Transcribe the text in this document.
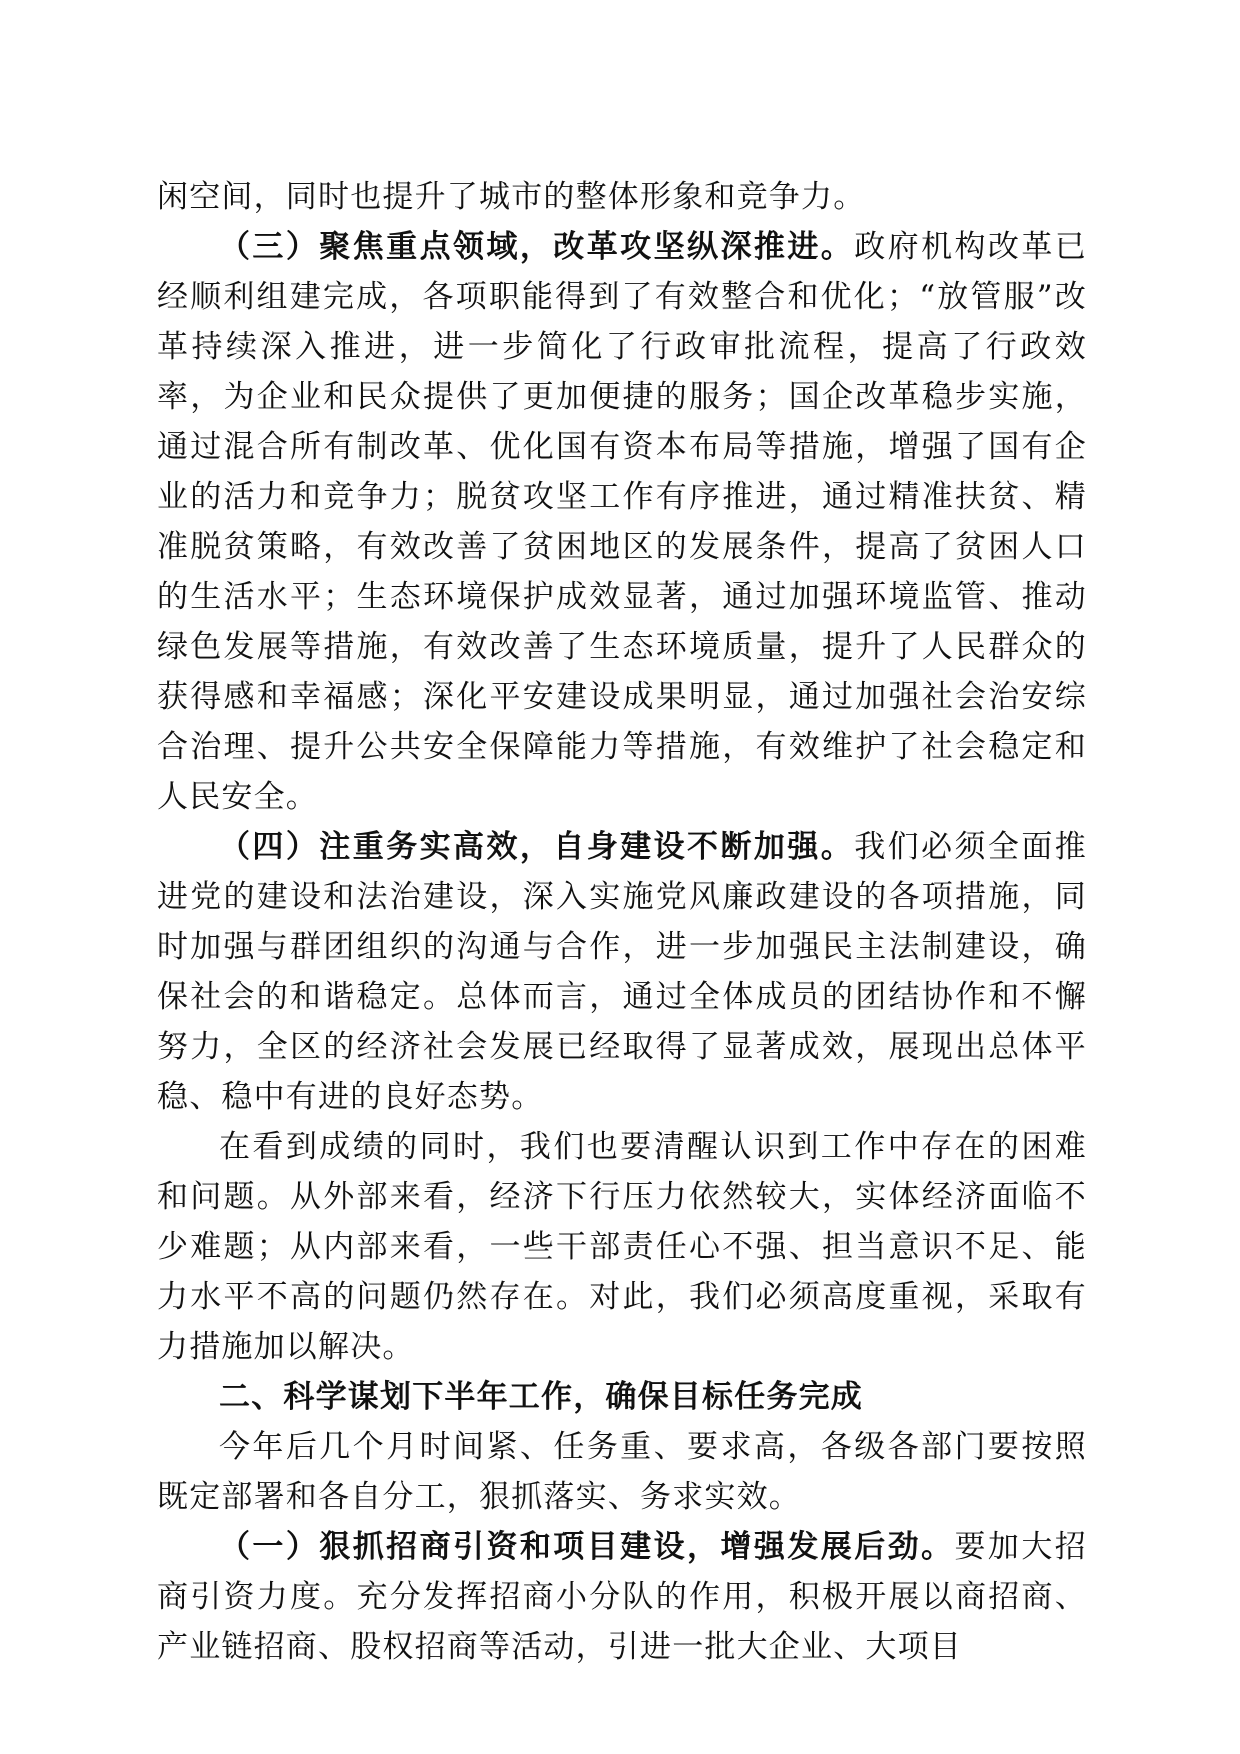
闲空间，同时也提升了城市的整体形象和竞争力。

（三）聚焦重点领域，改革攻坚纵深推进。政府机构改革已经顺利组建完成，各项职能得到了有效整合和优化；“放管服”改革持续深入推进，进一步简化了行政审批流程，提高了行政效率，为企业和民众提供了更加便捷的服务；国企改革稳步实施，通过混合所有制改革、优化国有资本布局等措施，增强了国有企业的活力和竞争力；脱贫攻坚工作有序推进，通过精准扶贫、精准脱贫策略，有效改善了贫困地区的发展条件，提高了贫困人口的生活水平；生态环境保护成效显著，通过加强环境监管、推动绿色发展等措施，有效改善了生态环境质量，提升了人民群众的获得感和幸福感；深化平安建设成果明显，通过加强社会治安综合治理、提升公共安全保障能力等措施，有效维护了社会稳定和人民安全。

（四）注重务实高效，自身建设不断加强。我们必须全面推进党的建设和法治建设，深入实施党风廉政建设的各项措施，同时加强与群团组织的沟通与合作，进一步加强民主法制建设，确保社会的和谐稳定。总体而言，通过全体成员的团结协作和不懈努力，全区的经济社会发展已经取得了显著成效，展现出总体平稳、稳中有进的良好态势。

在看到成绩的同时，我们也要清醒认识到工作中存在的困难和问题。从外部来看，经济下行压力依然较大，实体经济面临不少难题；从内部来看，一些干部责任心不强、担当意识不足、能力水平不高的问题仍然存在。对此，我们必须高度重视，采取有力措施加以解决。

二、科学谋划下半年工作，确保目标任务完成

今年后几个月时间紧、任务重、要求高，各级各部门要按照既定部署和各自分工，狠抓落实、务求实效。

（一）狠抓招商引资和项目建设，增强发展后劲。要加大招商引资力度。充分发挥招商小分队的作用，积极开展以商招商、产业链招商、股权招商等活动，引进一批大企业、大项目
